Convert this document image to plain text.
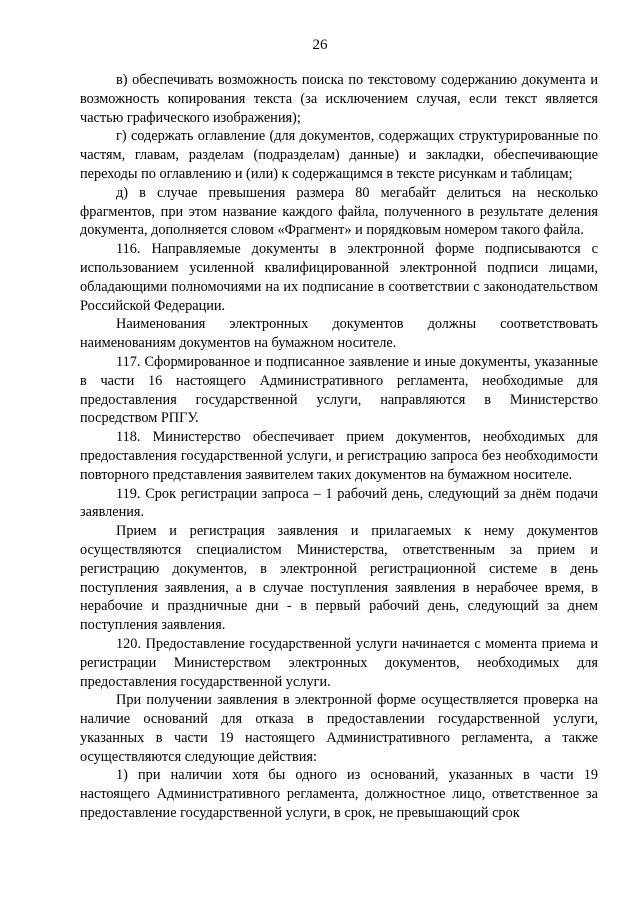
26

в) обеспечивать возможность поиска по текстовому содержанию документа и возможность копирования текста (за исключением случая, если текст является частью графического изображения);

г) содержать оглавление (для документов, содержащих структурированные по частям, главам, разделам (подразделам) данные) и закладки, обеспечивающие переходы по оглавлению и (или) к содержащимся в тексте рисункам и таблицам;

д) в случае превышения размера 80 мегабайт делиться на несколько фрагментов, при этом название каждого файла, полученного в результате деления документа, дополняется словом «Фрагмент» и порядковым номером такого файла.

116. Направляемые документы в электронной форме подписываются с использованием усиленной квалифицированной электронной подписи лицами, обладающими полномочиями на их подписание в соответствии с законодательством Российской Федерации.

Наименования электронных документов должны соответствовать наименованиям документов на бумажном носителе.

117. Сформированное и подписанное заявление и иные документы, указанные в части 16 настоящего Административного регламента, необходимые для предоставления государственной услуги, направляются в Министерство посредством РПГУ.

118. Министерство обеспечивает прием документов, необходимых для предоставления государственной услуги, и регистрацию запроса без необходимости повторного представления заявителем таких документов на бумажном носителе.

119. Срок регистрации запроса – 1 рабочий день, следующий за днём подачи заявления.

Прием и регистрация заявления и прилагаемых к нему документов осуществляются специалистом Министерства, ответственным за прием и регистрацию документов, в электронной регистрационной системе в день поступления заявления, а в случае поступления заявления в нерабочее время, в нерабочие и праздничные дни - в первый рабочий день, следующий за днем поступления заявления.

120. Предоставление государственной услуги начинается с момента приема и регистрации Министерством электронных документов, необходимых для предоставления государственной услуги.

При получении заявления в электронной форме осуществляется проверка на наличие оснований для отказа в предоставлении государственной услуги, указанных в части 19 настоящего Административного регламента, а также осуществляются следующие действия:

1) при наличии хотя бы одного из оснований, указанных в части 19 настоящего Административного регламента, должностное лицо, ответственное за предоставление государственной услуги, в срок, не превышающий срок
